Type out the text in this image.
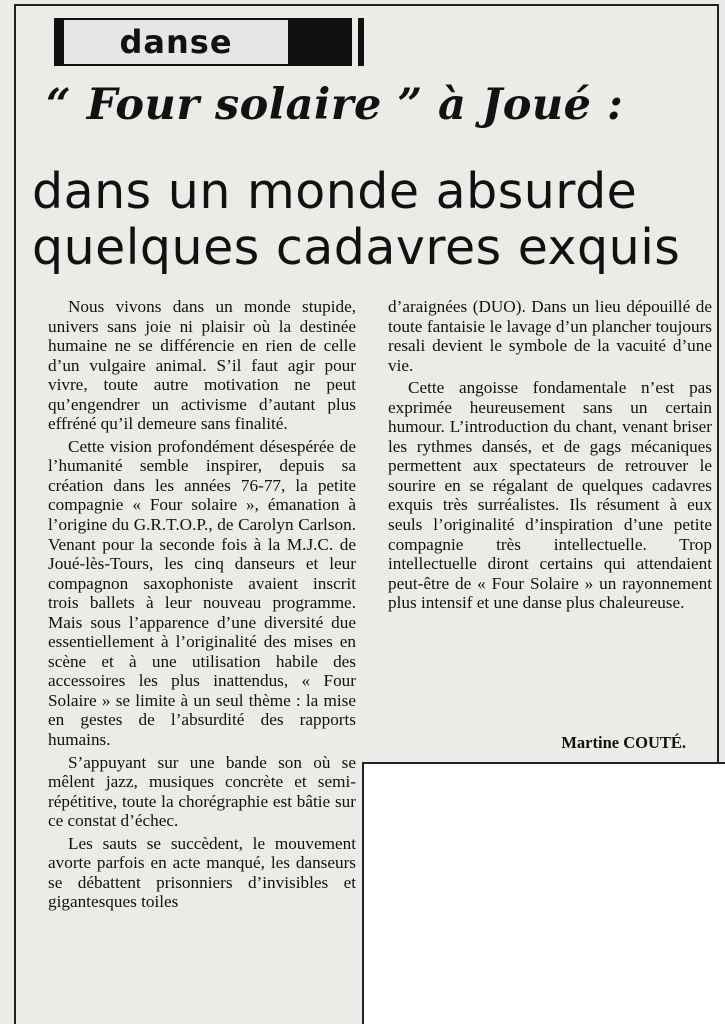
danse
“ Four solaire ” à Joué :
dans un monde absurde
quelques cadavres exquis

Nous vivons dans un monde stupide, univers sans joie ni plaisir où la destinée humaine ne se différencie en rien de celle d’un vulgaire animal. S’il faut agir pour vivre, toute autre motivation ne peut qu’engendrer un activisme d’autant plus effréné qu’il demeure sans finalité.

Cette vision profondément désespérée de l’humanité semble inspirer, depuis sa création dans les années 76-77, la petite compagnie « Four solaire », émanation à l’origine du G.R.T.O.P., de Carolyn Carlson. Venant pour la seconde fois à la M.J.C. de Joué-lès-Tours, les cinq danseurs et leur compagnon saxophoniste avaient inscrit trois ballets à leur nouveau programme. Mais sous l’apparence d’une diversité due essentiellement à l’originalité des mises en scène et à une utilisation habile des accessoires les plus inattendus, « Four Solaire » se limite à un seul thème : la mise en gestes de l’absurdité des rapports humains.

S’appuyant sur une bande son où se mêlent jazz, musiques concrète et semi-répétitive, toute la chorégraphie est bâtie sur ce constat d’échec.

Les sauts se succèdent, le mouvement avorte parfois en acte manqué, les danseurs se débattent prisonniers d’invisibles et gigantesques toiles

d’araignées (DUO). Dans un lieu dépouillé de toute fantaisie le lavage d’un plancher toujours resali devient le symbole de la vacuité d’une vie.

Cette angoisse fondamentale n’est pas exprimée heureusement sans un certain humour. L’introduction du chant, venant briser les rythmes dansés, et de gags mécaniques permettent aux spectateurs de retrouver le sourire en se régalant de quelques cadavres exquis très surréalistes. Ils résument à eux seuls l’originalité d’inspiration d’une petite compagnie très intellectuelle. Trop intellectuelle diront certains qui attendaient peut-être de « Four Solaire » un rayonnement plus intensif et une danse plus chaleureuse.

Martine COUTÉ.
